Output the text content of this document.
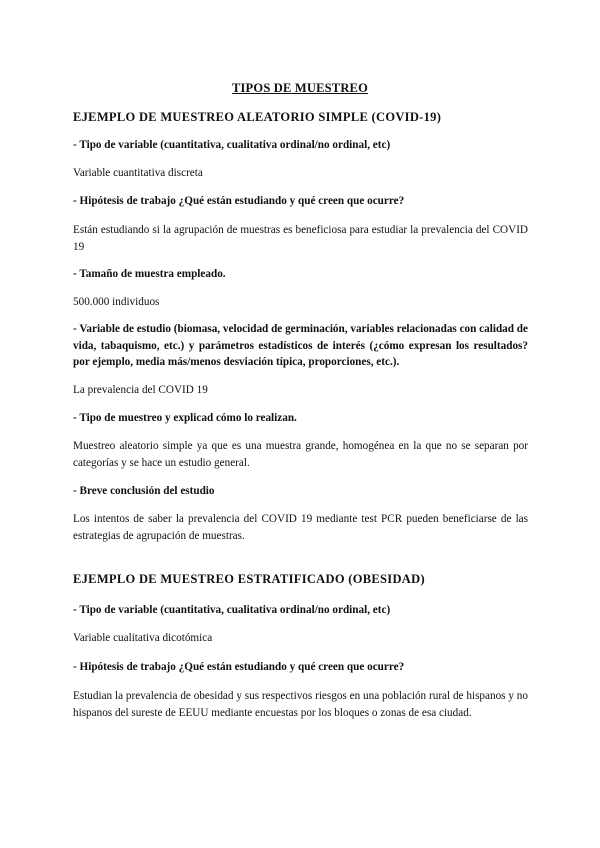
TIPOS DE MUESTREO
EJEMPLO DE MUESTREO ALEATORIO SIMPLE (COVID-19)
- Tipo de variable (cuantitativa, cualitativa ordinal/no ordinal, etc)
Variable cuantitativa discreta
- Hipótesis de trabajo ¿Qué están estudiando y qué creen que ocurre?
Están estudiando si la agrupación de muestras es beneficiosa para estudiar la prevalencia del COVID 19
- Tamaño de muestra empleado.
500.000 individuos
- Variable de estudio (biomasa, velocidad de germinación, variables relacionadas con calidad de vida, tabaquismo, etc.) y parámetros estadísticos de interés (¿cómo expresan los resultados? por ejemplo, media más/menos desviación típica, proporciones, etc.).
La prevalencia del COVID 19
- Tipo de muestreo y explicad cómo lo realizan.
Muestreo aleatorio simple ya que es una muestra grande, homogénea en la que no se separan por categorías y se hace un estudio general.
- Breve conclusión del estudio
Los intentos de saber la prevalencia del COVID 19 mediante test PCR pueden beneficiarse de las estrategias de agrupación de muestras.
EJEMPLO DE MUESTREO ESTRATIFICADO (OBESIDAD)
- Tipo de variable (cuantitativa, cualitativa ordinal/no ordinal, etc)
Variable cualitativa dicotómica
- Hipótesis de trabajo ¿Qué están estudiando y qué creen que ocurre?
Estudian la prevalencia de obesidad y sus respectivos riesgos en una población rural de hispanos y no hispanos del sureste de EEUU mediante encuestas por los bloques o zonas de esa ciudad.
